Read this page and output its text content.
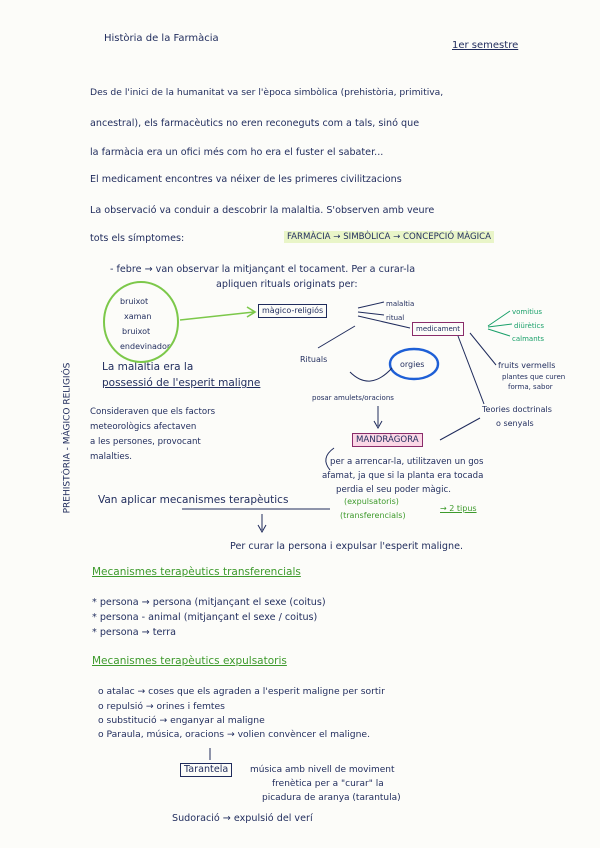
Història de la Farmàcia
1er semestre
Des de l'inici de la humanitat va ser l'època simbòlica (prehistòria, primitiva,
ancestral), els farmacèutics no eren reconeguts com a tals, sinó que
la farmàcia era un ofici més com ho era el fuster el sabater...
El medicament encontres va néixer de les primeres civilitzacions
La observació va conduir a descobrir la malaltia. S'observen amb veure
tots els símptomes:	FARMÀCIA → SIMBÒLICA → CONCEPCIÓ MÀGICA
- febre → van observar la mitjançant el tocament. Per a curar-la
apliquen rituals originats per:
bruixot
xaman
bruixot
endevinador
màgico-religiós
malaltia
ritual
medicament
vomitius
diürètics
calmants
Rituals
orgies	fruits vermells
plantes que curen
forma, sabor
Teories doctrinals
o senyals
posar amulets/oracions
La malaltia era la
possessió de l'esperit maligne
Consideraven que els factors
meteorològics afectaven
a les persones, provocant
malalties.
MANDRÀGORA
per a arrencar-la, utilitzaven un gos
afamat, ja que si la planta era tocada
perdia el seu poder màgic.
Van aplicar mecanismes terapèutics	(expulsatoris)
(transferencials)
→ 2 tipus
Per curar la persona i expulsar l'esperit maligne.
PREHISTÒRIA - MÀGICO RELIGIÓS
Mecanismes terapèutics transferencials
* persona → persona (mitjançant el sexe (coitus)
* persona - animal (mitjançant el sexe / coitus)
* persona → terra
Mecanismes terapèutics expulsatoris
o atalac → coses que els agraden a l'esperit maligne per sortir
o repulsió → orines i femtes
o substitució → enganyar al maligne
o Paraula, música, oracions → volien convèncer el maligne.
Tarantela	música amb nivell de moviment
frenètica per a "curar" la
picadura de aranya (tarantula)
Sudoració → expulsió del verí
